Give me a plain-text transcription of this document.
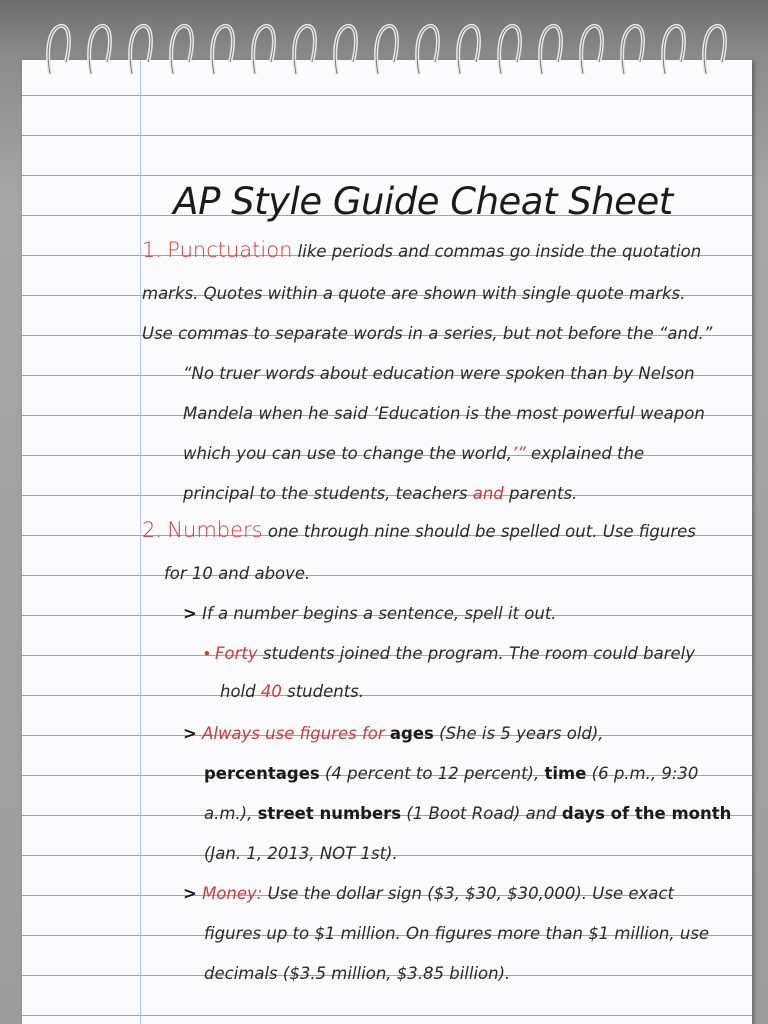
AP Style Guide Cheat Sheet
1. Punctuation like periods and commas go inside the quotation
marks. Quotes within a quote are shown with single quote marks.
Use commas to separate words in a series, but not before the “and.”
“No truer words about education were spoken than by Nelson
Mandela when he said ‘Education is the most powerful weapon
which you can use to change the world,’” explained the
principal to the students, teachers and parents.
2. Numbers one through nine should be spelled out. Use figures
for 10 and above.
> If a number begins a sentence, spell it out.
• Forty students joined the program. The room could barely
hold 40 students.
> Always use figures for ages (She is 5 years old),
percentages (4 percent to 12 percent), time (6 p.m., 9:30
a.m.), street numbers (1 Boot Road) and days of the month
(Jan. 1, 2013, NOT 1st).
> Money: Use the dollar sign ($3, $30, $30,000). Use exact
figures up to $1 million. On figures more than $1 million, use
decimals ($3.5 million, $3.85 billion).
